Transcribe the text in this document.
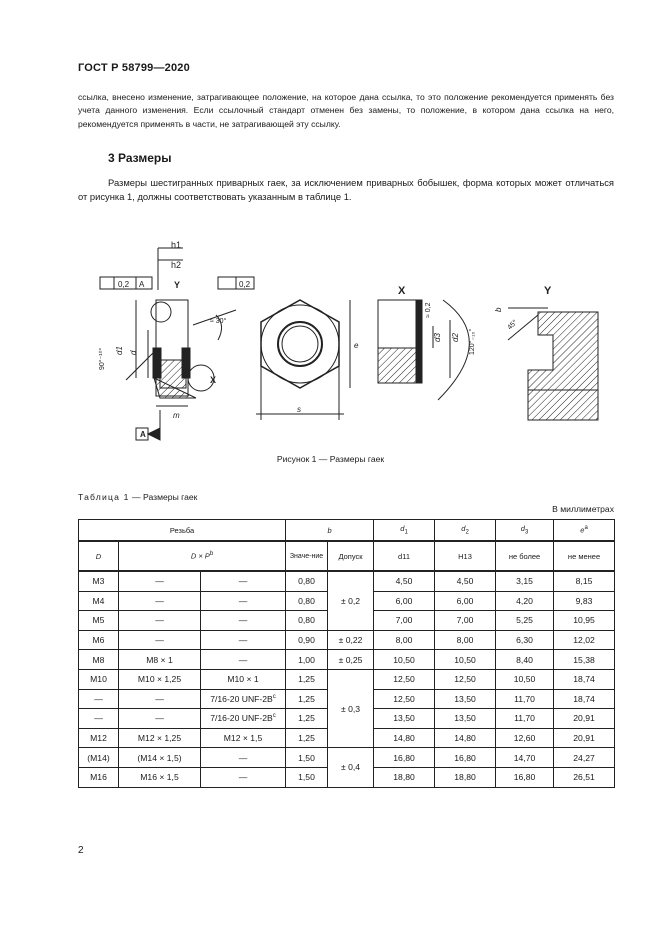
ГОСТ Р 58799—2020
ссылка, внесено изменение, затрагивающее положение, на которое дана ссылка, то это положение рекомендуется применять без учета данного изменения. Если ссылочный стандарт отменен без замены, то положение, в котором дана ссылка на него, рекомендуется применять в части, не затрагивающей эту ссылку.
3 Размеры
Размеры шестигранных приварных гаек, за исключением приварных бобышек, форма которых может отличаться от рисунка 1, должны соответствовать указанным в таблице 1.
h1
h2
Y
X
A
0,2 A	0,2
≈ 30°
90°⁻¹⁰°	d
d1
m
s
e
X
≈ 0,2
d3 d2 120°₋₁₀°
Y
b
45°
Рисунок 1 — Размеры гаек
Таблица 1 — Размеры гаек
В миллиметрах
Резьба			b		$d_1$	$d_2$	$d_3$	$e^a$
D	$D \times P^b$		Значе-ние	Допуск	d11	H13	не более	не менее
M3	—	—	0,80	± 0,2	4,50	4,50	3,15	8,15
M4	—	—	0,80		6,00	6,00	4,20	9,83
M5	—	—	0,80		7,00	7,00	5,25	10,95
M6	—	—	0,90	± 0,22	8,00	8,00	6,30	12,02
M8	M8 × 1	—	1,00	± 0,25	10,50	10,50	8,40	15,38
M10	M10 × 1,25	M10 × 1	1,25	± 0,3	12,50	12,50	10,50	18,74
—	—	7/16-20 UNF-$2B^c$	1,25		12,50	13,50	11,70	18,74
—	—	7/16-20 UNF-$2B^c$	1,25		13,50	13,50	11,70	20,91
M12	M12 × 1,25	M12 × 1,5	1,25		14,80	14,80	12,60	20,91
(M14)	(M14 × 1,5)	—	1,50	± 0,4	16,80	16,80	14,70	24,27
M16	M16 × 1,5	—	1,50		18,80	18,80	16,80	26,51
2
